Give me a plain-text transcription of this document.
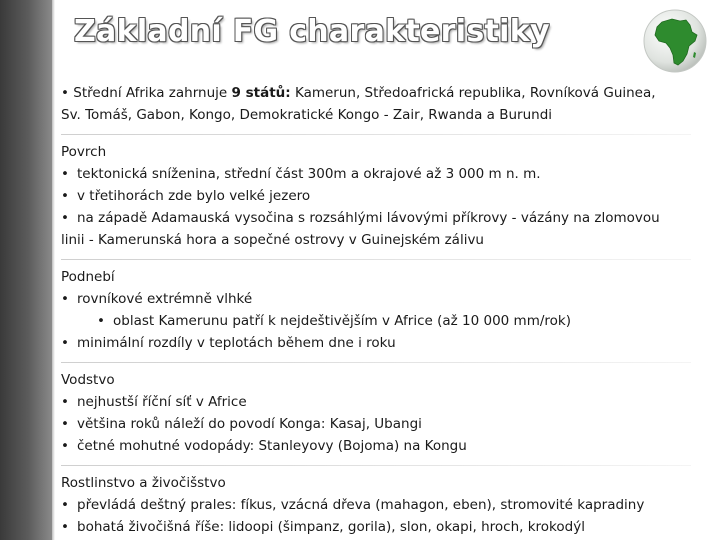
Základní FG charakteristiky
• Střední Afrika zahrnuje 9 států: Kamerun, Středoafrická republika, Rovníková Guinea,
Sv. Tomáš, Gabon, Kongo, Demokratické Kongo - Zair, Rwanda a Burundi
Povrch
• tektonická sníženina, střední část 300m a okrajové až 3 000 m n. m.
• v třetihorách zde bylo velké jezero
• na západě Adamauská vysočina s rozsáhlými lávovými příkrovy - vázány na zlomovou
linii - Kamerunská hora a sopečné ostrovy v Guinejském zálivu
Podnebí
• rovníkové extrémně vlhké
• oblast Kamerunu patří k nejdeštivějším v Africe (až 10 000 mm/rok)
• minimální rozdíly v teplotách během dne i roku
Vodstvo
• nejhustší říční síť v Africe
• většina roků náleží do povodí Konga: Kasaj, Ubangi
• četné mohutné vodopády: Stanleyovy (Bojoma) na Kongu
Rostlinstvo a živočišstvo
• převládá deštný prales: fíkus, vzácná dřeva (mahagon, eben), stromovité kapradiny
• bohatá živočišná říše: lidoopi (šimpanz, gorila), slon, okapi, hroch, krokodýl
